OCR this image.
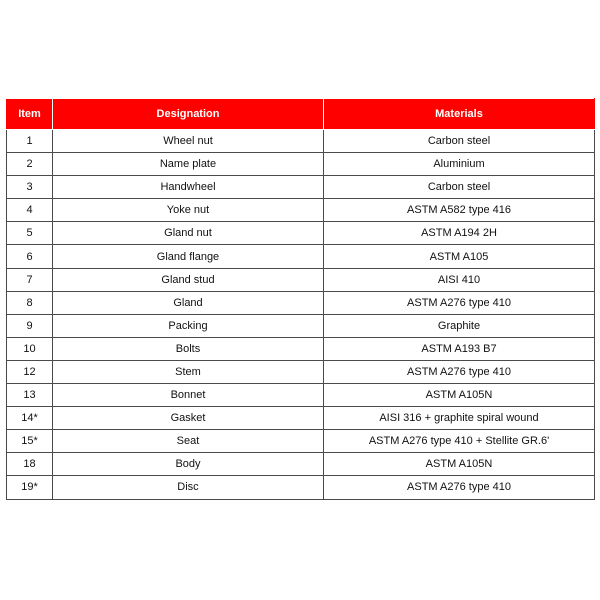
Item	Designation	Materials
1	Wheel nut	Carbon steel
2	Name plate	Aluminium
3	Handwheel	Carbon steel
4	Yoke nut	ASTM A582 type 416
5	Gland nut	ASTM A194 2H
6	Gland flange	ASTM A105
7	Gland stud	AISI 410
8	Gland	ASTM A276 type 410
9	Packing	Graphite
10	Bolts	ASTM A193 B7
12	Stem	ASTM A276 type 410
13	Bonnet	ASTM A105N
14*	Gasket	AISI 316 + graphite spiral wound
15*	Seat	ASTM A276 type 410 + Stellite GR.6'
18	Body	ASTM A105N
19*	Disc	ASTM A276 type 410
